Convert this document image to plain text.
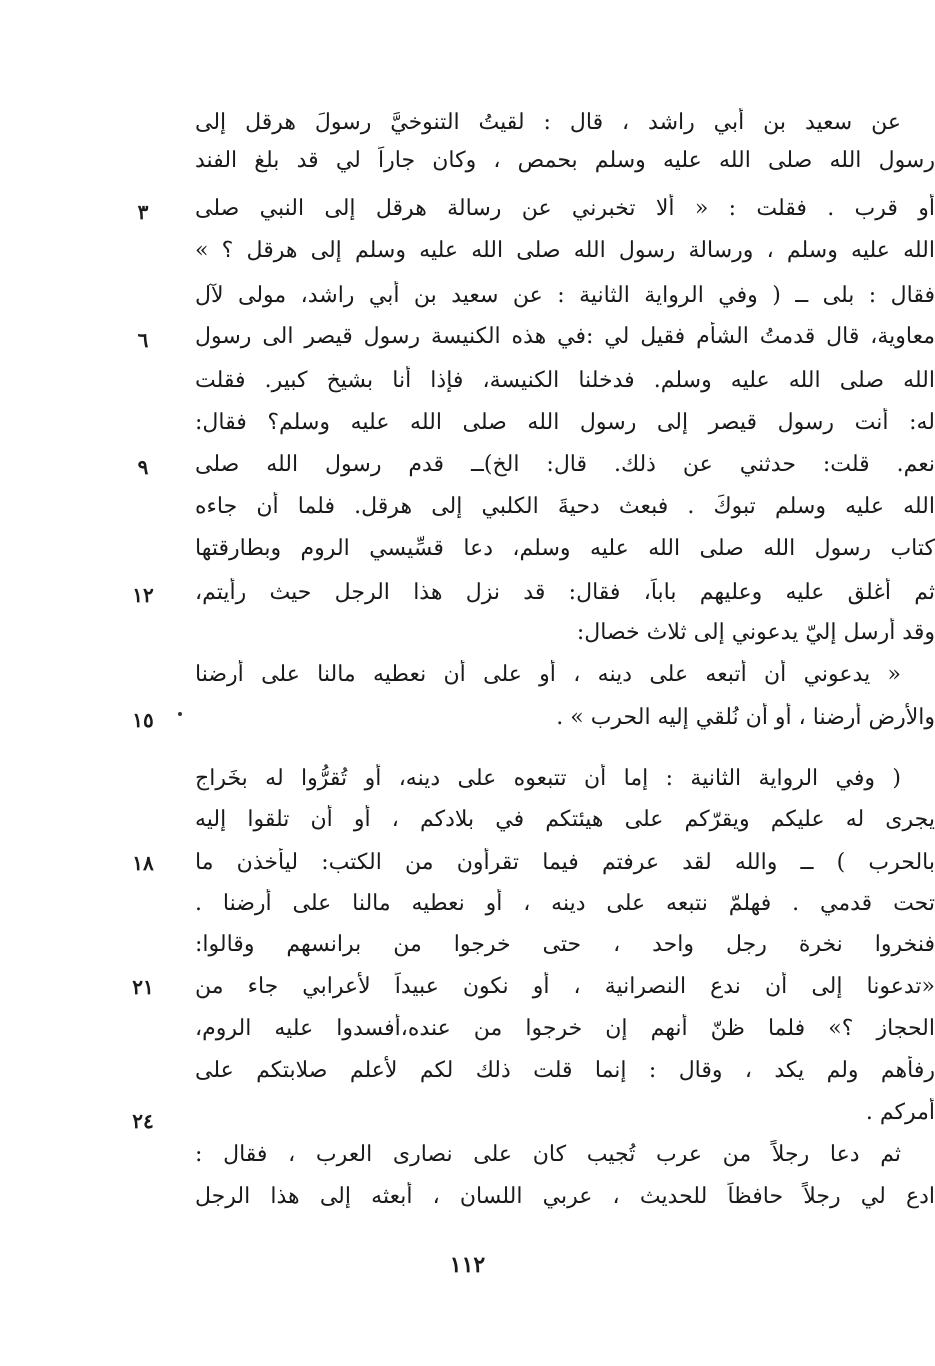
عن سعيد بن أبي راشد ، قال : لقيتُ التنوخيَّ رسولَ هرقل إلى
رسول الله صلى الله عليه وسلم بحمص ، وكان جاراً لي قد بلغ الفند
أو قرب . فقلت : « ألا تخبرني عن رسالة هرقل إلى النبي صلى
الله عليه وسلم ، ورسالة رسول الله صلى الله عليه وسلم إلى هرقل ؟ »
فقال : بلى ــ ( وفي الرواية الثانية : عن سعيد بن أبي راشد، مولى لآل
معاوية، قال قدمتُ الشأم فقيل لي :في هذه الكنيسة رسول قيصر الى رسول
الله صلى الله عليه وسلم. فدخلنا الكنيسة، فإذا أنا بشيخ كبير. فقلت
له: أنت رسول قيصر إلى رسول الله صلى الله عليه وسلم؟ فقال:
نعم. قلت: حدثني عن ذلك. قال: الخ)ــ قدم رسول الله صلى
الله عليه وسلم تبوكَ . فبعث دحيةَ الكلبي إلى هرقل. فلما أن جاءه
كتاب رسول الله صلى الله عليه وسلم، دعا قسِّيسي الروم وبطارقتها
ثم أغلق عليه وعليهم باباً، فقال: قد نزل هذا الرجل حيث رأيتم،
وقد أرسل إليّ يدعوني إلى ثلاث خصال:
« يدعوني أن أتبعه على دينه ، أو على أن نعطيه مالنا على أرضنا
والأرض أرضنا ، أو أن نُلقي إليه الحرب » .
( وفي الرواية الثانية : إما أن تتبعوه على دينه، أو تُقرُّوا له بخَراج
يجرى له عليكم ويقرّكم على هيئتكم في بلادكم ، أو أن تلقوا إليه
بالحرب ) ــ والله لقد عرفتم فيما تقرأون من الكتب: ليأخذن ما
تحت قدمي . فهلمّ نتبعه على دينه ، أو نعطيه مالنا على أرضنا .
فنخروا نخرة رجل واحد ، حتى خرجوا من برانسهم وقالوا:
«تدعونا إلى أن ندع النصرانية ، أو نكون عبيداً لأعرابي جاء من
الحجاز ؟» فلما ظنّ أنهم إن خرجوا من عنده،أفسدوا عليه الروم،
رفأهم ولم يكد ، وقال : إنما قلت ذلك لكم لأعلم صلابتكم على
أمركم .
ثم دعا رجلاً من عرب تُجيب كان على نصارى العرب ، فقال :
ادع لي رجلاً حافظاً للحديث ، عربي اللسان ، أبعثه إلى هذا الرجل
٣
٦
٩
١٢
١٥
١٨
٢١
٢٤
١١٢
